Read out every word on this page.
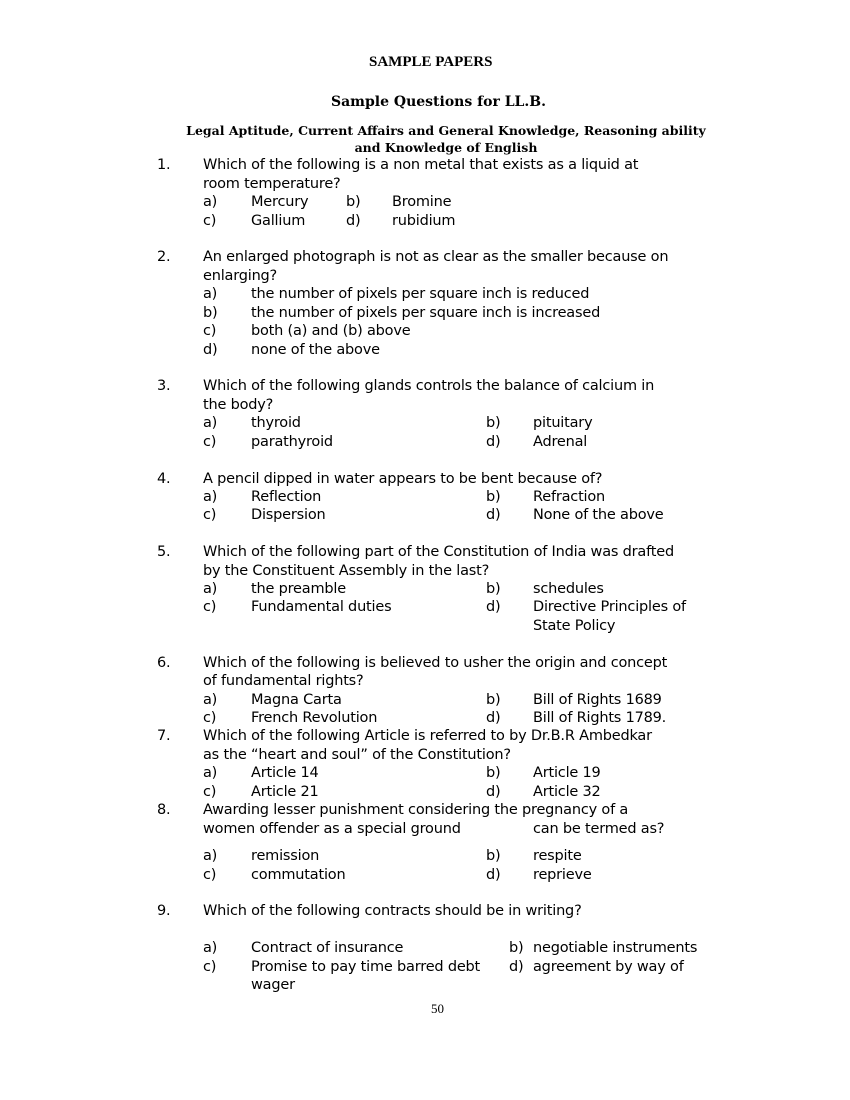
SAMPLE PAPERS
Sample Questions for LL.B.
Legal Aptitude, Current Affairs and General Knowledge, Reasoning ability
and Knowledge of English
1. Which of the following is a non metal that exists as a liquid at
room temperature?
a) Mercury	b) Bromine
c) Gallium	d) rubidium
2. An enlarged photograph is not as clear as the smaller because on
enlarging?
a) the number of pixels per square inch is reduced
b) the number of pixels per square inch is increased
c) both (a) and (b) above
d) none of the above
3. Which of the following glands controls the balance of calcium in
the body?
a) thyroid	b) pituitary
c) parathyroid	d) Adrenal
4. A pencil dipped in water appears to be bent because of?
a) Reflection	b) Refraction
c) Dispersion	d) None of the above
5. Which of the following part of the Constitution of India was drafted
by the Constituent Assembly in the last?
a) the preamble	b) schedules
c) Fundamental duties	d) Directive Principles of
State Policy
6. Which of the following is believed to usher the origin and concept
of fundamental rights?
a) Magna Carta	b) Bill of Rights 1689
c) French Revolution	d) Bill of Rights 1789.
7. Which of the following Article is referred to by Dr.B.R Ambedkar
as the “heart and soul” of the Constitution?
a) Article 14	b) Article 19
c) Article 21	d) Article 32
8. Awarding lesser punishment considering the pregnancy of a
women offender as a special ground	can be termed as?
a) remission	b) respite
c) commutation	d) reprieve
9. Which of the following contracts should be in writing?
a) Contract of insurance	b) negotiable instruments
c) Promise to pay time barred debt d) agreement by way of
wager
50
